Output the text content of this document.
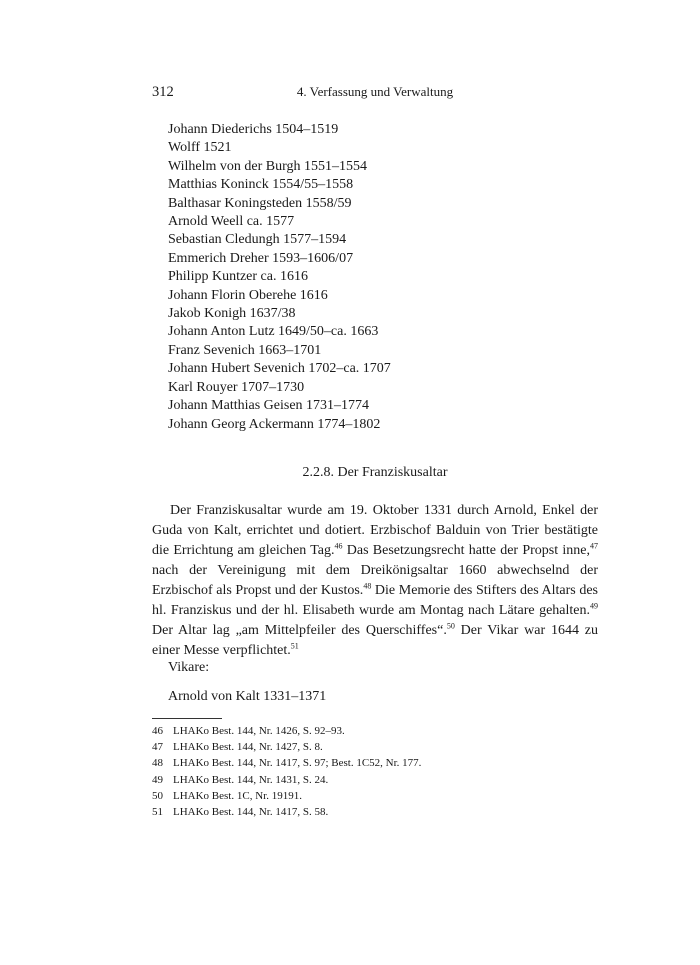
312	4. Verfassung und Verwaltung
Johann Diederichs 1504–1519
Wolff 1521
Wilhelm von der Burgh 1551–1554
Matthias Koninck 1554/55–1558
Balthasar Koningsteden 1558/59
Arnold Weell ca. 1577
Sebastian Cledungh 1577–1594
Emmerich Dreher 1593–1606/07
Philipp Kuntzer ca. 1616
Johann Florin Oberehe 1616
Jakob Konigh 1637/38
Johann Anton Lutz 1649/50–ca. 1663
Franz Sevenich 1663–1701
Johann Hubert Sevenich 1702–ca. 1707
Karl Rouyer 1707–1730
Johann Matthias Geisen 1731–1774
Johann Georg Ackermann 1774–1802
2.2.8. Der Franziskusaltar

Der Franziskusaltar wurde am 19. Oktober 1331 durch Arnold, Enkel der Guda von Kalt, errichtet und dotiert. Erzbischof Balduin von Trier bestätigte die Errichtung am gleichen Tag.$^{46}$ Das Besetzungsrecht hatte der Propst inne,$^{47}$ nach der Vereinigung mit dem Dreikönigsaltar 1660 abwechselnd der Erzbischof als Propst und der Kustos.$^{48}$ Die Memorie des Stifters des Altars des hl. Franziskus und der hl. Elisabeth wurde am Montag nach Lätare gehalten.$^{49}$ Der Altar lag „am Mittelpfeiler des Querschiffes“.$^{50}$ Der Vikar war 1644 zu einer Messe verpflichtet.$^{51}$

Vikare:

Arnold von Kalt 1331–1371

46 LHAKo Best. 144, Nr. 1426, S. 92–93.
47 LHAKo Best. 144, Nr. 1427, S. 8.
48 LHAKo Best. 144, Nr. 1417, S. 97; Best. 1C52, Nr. 177.
49 LHAKo Best. 144, Nr. 1431, S. 24.
50 LHAKo Best. 1C, Nr. 19191.
51 LHAKo Best. 144, Nr. 1417, S. 58.
